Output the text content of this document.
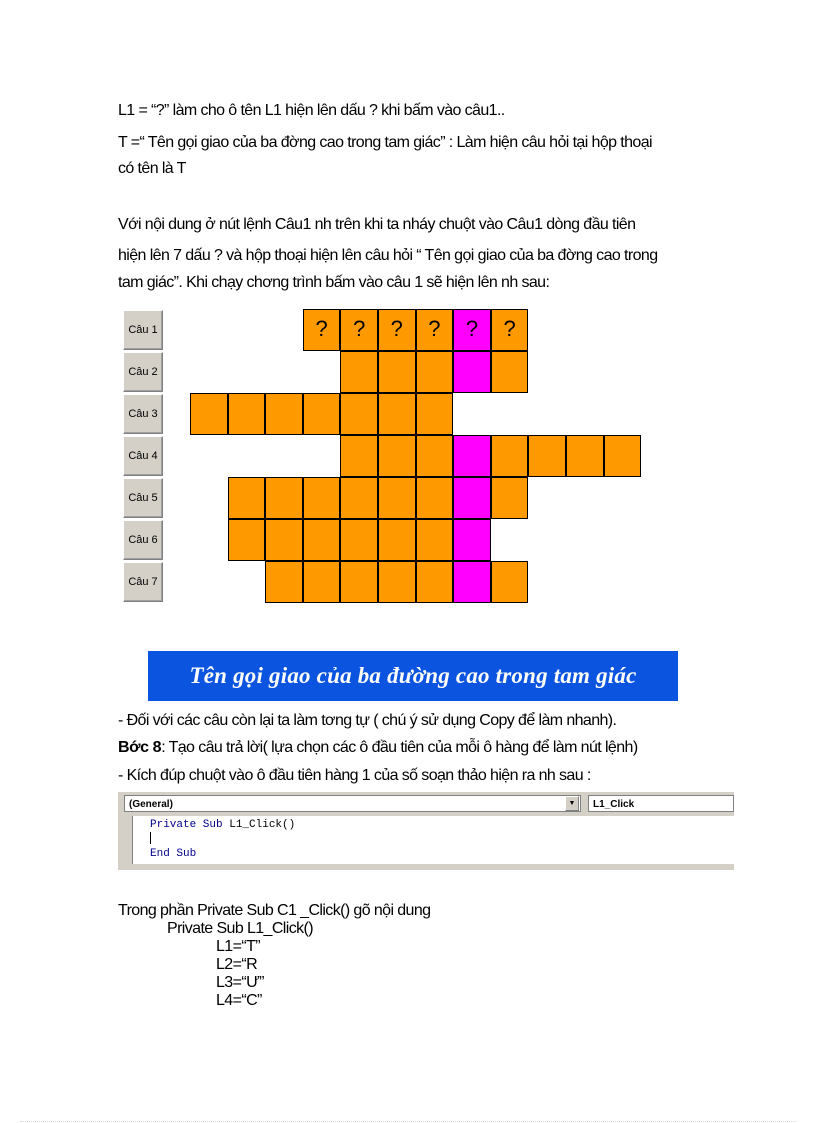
L1 = “?” làm cho ô tên L1 hiện lên dấu ? khi bấm vào câu1..
T =“ Tên gọi giao của ba đờng cao trong tam giác” : Làm hiện câu hỏi tại hộp thoại
có tên là T
Với nội dung ở nút lệnh Câu1 nh trên khi ta nháy chuột vào Câu1 dòng đầu tiên
hiện lên 7 dấu ? và hộp thoại hiện lên câu hỏi “ Tên gọi giao của ba đờng cao trong
tam giác”. Khi chạy chơng trình bấm vào câu 1 sẽ hiện lên nh sau:
Câu 1
Câu 2
Câu 3
Câu 4
Câu 5
Câu 6
Câu 7
?	?	?	?	?	?
Tên gọi giao của ba đường cao trong tam giác
- Đối với các câu còn lại ta làm tơng tự ( chú ý sử dụng Copy để làm nhanh).
Bớc 8: Tạo câu trả lời( lựa chọn các ô đầu tiên của mỗi ô hàng để làm nút lệnh)
- Kích đúp chuột vào ô đầu tiên hàng 1 của số soạn thảo hiện ra nh sau :
(General)	▼	L1_Click
Private Sub L1_Click()
End Sub
Trong phần Private Sub C1 _Click() gõ nội dung
Private Sub L1_Click()
L1=“T”
L2=“R
L3=“Ư”
L4=“C”
